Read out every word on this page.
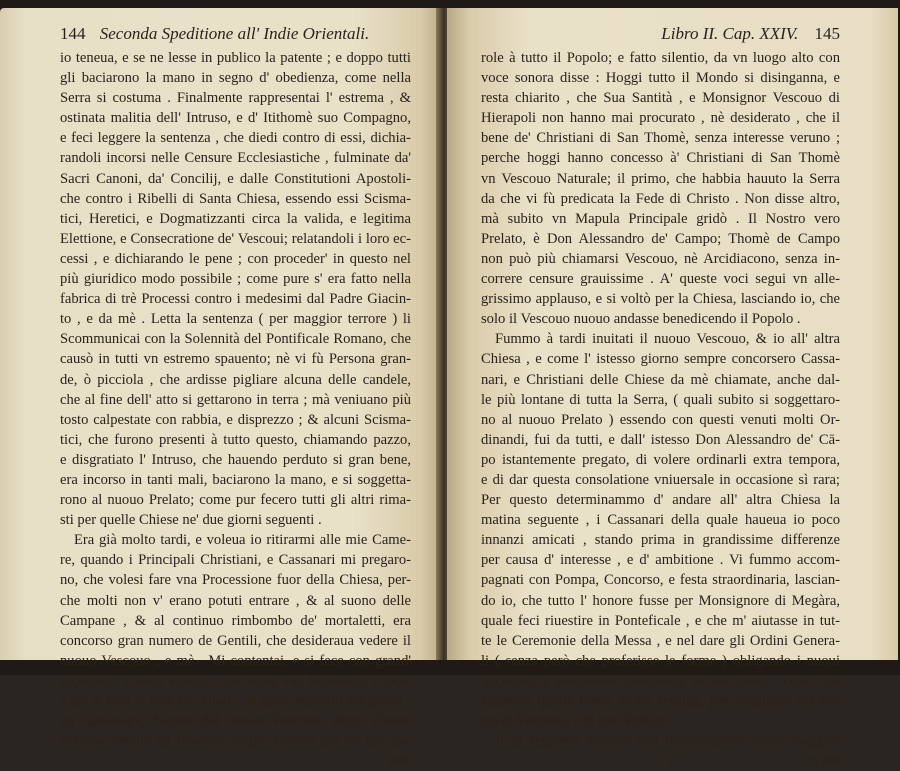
144 Seconda Speditione all' Indie Orientali.
io teneua, e se ne lesse in publico la patente ; e doppo tutti
gli baciarono la mano in segno d' obedienza, come nella
Serra si costuma . Finalmente rappresentai l' estrema , &
ostinata malitia dell' Intruso, e d' Itithomè suo Compagno,
e feci leggere la sentenza , che diedi contro di essi, dichia-
randoli incorsi nelle Censure Ecclesiastiche , fulminate da'
Sacri Canoni, da' Concilij, e dalle Constitutioni Apostoli-
che contro i Ribelli di Santa Chiesa, essendo essi Scisma-
tici, Heretici, e Dogmatizzanti circa la valida, e legitima
Elettione, e Consecratione de' Vescoui; relatandoli i loro ec-
cessi , e dichiarando le pene ; con proceder' in questo nel
più giuridico modo possibile ; come pure s' era fatto nella
fabrica di trè Processi contro i medesimi dal Padre Giacin-
to , e da mè . Letta la sentenza ( per maggior terrore ) li
Scommunicai con la Solennità del Pontificale Romano, che
causò in tutti vn estremo spauento; nè vi fù Persona gran-
de, ò picciola , che ardisse pigliare alcuna delle candele,
che al fine dell' atto si gettarono in terra ; mà veniuano più
tosto calpestate con rabbia, e disprezzo ; & alcuni Scisma-
tici, che furono presenti à tutto questo, chiamando pazzo,
e disgratiato l' Intruso, che hauendo perduto si gran bene,
era incorso in tanti mali, baciarono la mano, e si soggetta-
rono al nuouo Prelato; come pur fecero tutti gli altri rima-
sti per quelle Chiese ne' due giorni seguenti .
Era già molto tardi, e voleua io ritirarmi alle mie Came-
re, quando i Principali Christiani, e Cassanari mi pregaro-
no, che volesi fare vna Processione fuor della Chiesa, per-
che molti non v' erano potuti entrare , & al suono delle
Campane , & al continuo rimbombo de' mortaletti, era
concorso gran numero de Gentili, che desideraua vedere il
nuouo Vescouo , e mè . Mi contentai, e si fece con grand'
apparato ; e nella Piazza , oue staua vna bellissima Croce,
à piè d' essa si fece vn' Altare , al quale essendo noi giunti ,
vn Cassanare, Nipote del nuouo Vescouo, detto Thomè
Malàna, vestito da Diacono, pigliò licenza per dir due pa-
role
Libro II. Cap. XXIV. 145
role à tutto il Popolo; e fatto silentio, da vn luogo alto con
voce sonora disse : Hoggi tutto il Mondo si disinganna, e
resta chiarito , che Sua Santità , e Monsignor Vescouo di
Hierapoli non hanno mai procurato , nè desiderato , che il
bene de' Christiani di San Thomè, senza interesse veruno ;
perche hoggi hanno concesso à' Christiani di San Thomè
vn Vescouo Naturale; il primo, che habbia hauuto la Serra
da che vi fù predicata la Fede di Christo . Non disse altro,
mà subito vn Mapula Principale gridò . Il Nostro vero
Prelato, è Don Alessandro de' Campo; Thomè de Campo
non può più chiamarsi Vescouo, nè Arcidiacono, senza in-
correre censure grauissime . A' queste voci segui vn alle-
grissimo applauso, e si voltò per la Chiesa, lasciando io, che
solo il Vescouo nuouo andasse benedicendo il Popolo .
Fummo à tardi inuitati il nuouo Vescouo, & io all' altra
Chiesa , e come l' istesso giorno sempre concorsero Cassa-
nari, e Christiani delle Chiese da mè chiamate, anche dal-
le più lontane di tutta la Serra, ( quali subito si soggettaro-
no al nuouo Prelato ) essendo con questi venuti molti Or-
dinandi, fui da tutti, e dall' istesso Don Alessandro de' Cā-
po istantemente pregato, di volere ordinarli extra tempora,
e di dar questa consolatione vniuersale in occasione sì rara;
Per questo determinammo d' andare all' altra Chiesa la
matina seguente , i Cassanari della quale haueua io poco
innanzi amicati , stando prima in grandissime differenze
per causa d' interesse , e d' ambitione . Vi fummo accom-
pagnati con Pompa, Concorso, e festa straordinaria, lascian-
do io, che tutto l' honore fusse per Monsignore di Megàra,
quale feci riuestire in Ponteficale , e che m' aiutasse in tut-
te le Ceremonie della Messa , e nel dare gli Ordini Genera-
li ( senza però che proferisse le forme ) obligando i nuoui
Sacerdoti à promettere obedienza in sue mani : cosa, che
appresso quelle Genti molto seruiua, per istabilirlo nel Po-
sto di Vescouo, e di loro Prelato .
Il dì seguente fummo con dimostrationi anche maggio-
T	ri del
